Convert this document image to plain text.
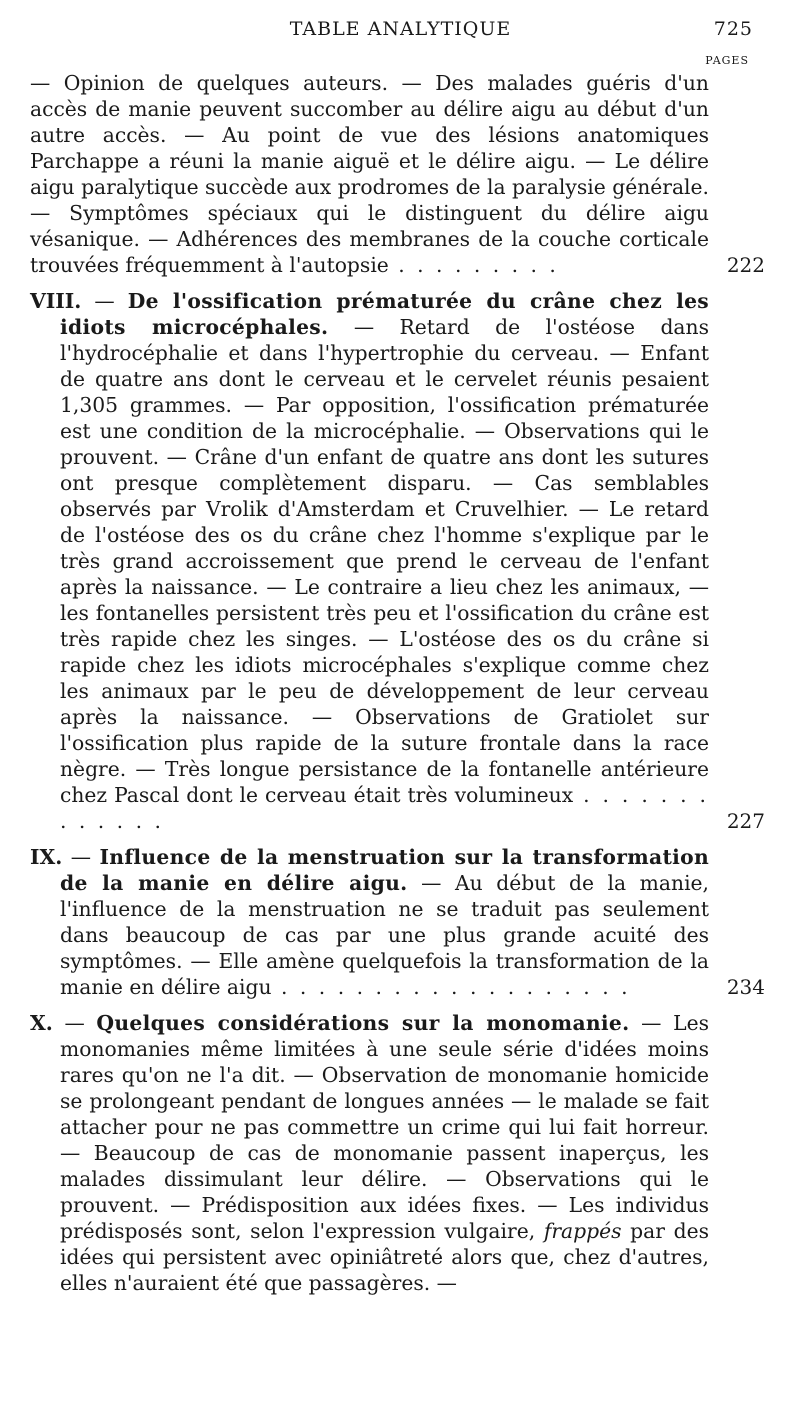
TABLE ANALYTIQUE	725
PAGES
— Opinion de quelques auteurs. — Des malades guéris d'un accès de manie peuvent succomber au délire aigu au début d'un autre accès. — Au point de vue des lésions anatomiques Parchappe a réuni la manie aiguë et le délire aigu. — Le délire aigu paralytique succède aux prodromes de la paralysie générale. — Symptômes spéciaux qui le distinguent du délire aigu vésanique. — Adhérences des membranes de la couche corticale trouvées fréquemment à l'autopsie . . . . . . . . .	222
VIII. — De l'ossification prématurée du crâne chez les idiots microcéphales. — Retard de l'ostéose dans l'hydrocéphalie et dans l'hypertrophie du cerveau. — Enfant de quatre ans dont le cerveau et le cervelet réunis pesaient 1,305 grammes. — Par opposition, l'ossification prématurée est une condition de la microcéphalie. — Observations qui le prouvent. — Crâne d'un enfant de quatre ans dont les sutures ont presque complètement disparu. — Cas semblables observés par Vrolik d'Amsterdam et Cruvelhier. — Le retard de l'ostéose des os du crâne chez l'homme s'explique par le très grand accroissement que prend le cerveau de l'enfant après la naissance. — Le contraire a lieu chez les animaux, — les fontanelles persistent très peu et l'ossification du crâne est très rapide chez les singes. — L'ostéose des os du crâne si rapide chez les idiots microcéphales s'explique comme chez les animaux par le peu de développement de leur cerveau après la naissance. — Observations de Gratiolet sur l'ossification plus rapide de la suture frontale dans la race nègre. — Très longue persistance de la fontanelle antérieure chez Pascal dont le cerveau était très volumineux . . . . . . . . . . . . .	227
IX. — Influence de la menstruation sur la transformation de la manie en délire aigu. — Au début de la manie, l'influence de la menstruation ne se traduit pas seulement dans beaucoup de cas par une plus grande acuité des symptômes. — Elle amène quelquefois la transformation de la manie en délire aigu . . . . . . . . . . . . . . . . . . .	234
X. — Quelques considérations sur la monomanie. — Les monomanies même limitées à une seule série d'idées moins rares qu'on ne l'a dit. — Observation de monomanie homicide se prolongeant pendant de longues années — le malade se fait attacher pour ne pas commettre un crime qui lui fait horreur. — Beaucoup de cas de monomanie passent inaperçus, les malades dissimulant leur délire. — Observations qui le prouvent. — Prédisposition aux idées fixes. — Les individus prédisposés sont, selon l'expression vulgaire, frappés par des idées qui persistent avec opiniâtreté alors que, chez d'autres, elles n'auraient été que passagères. —
